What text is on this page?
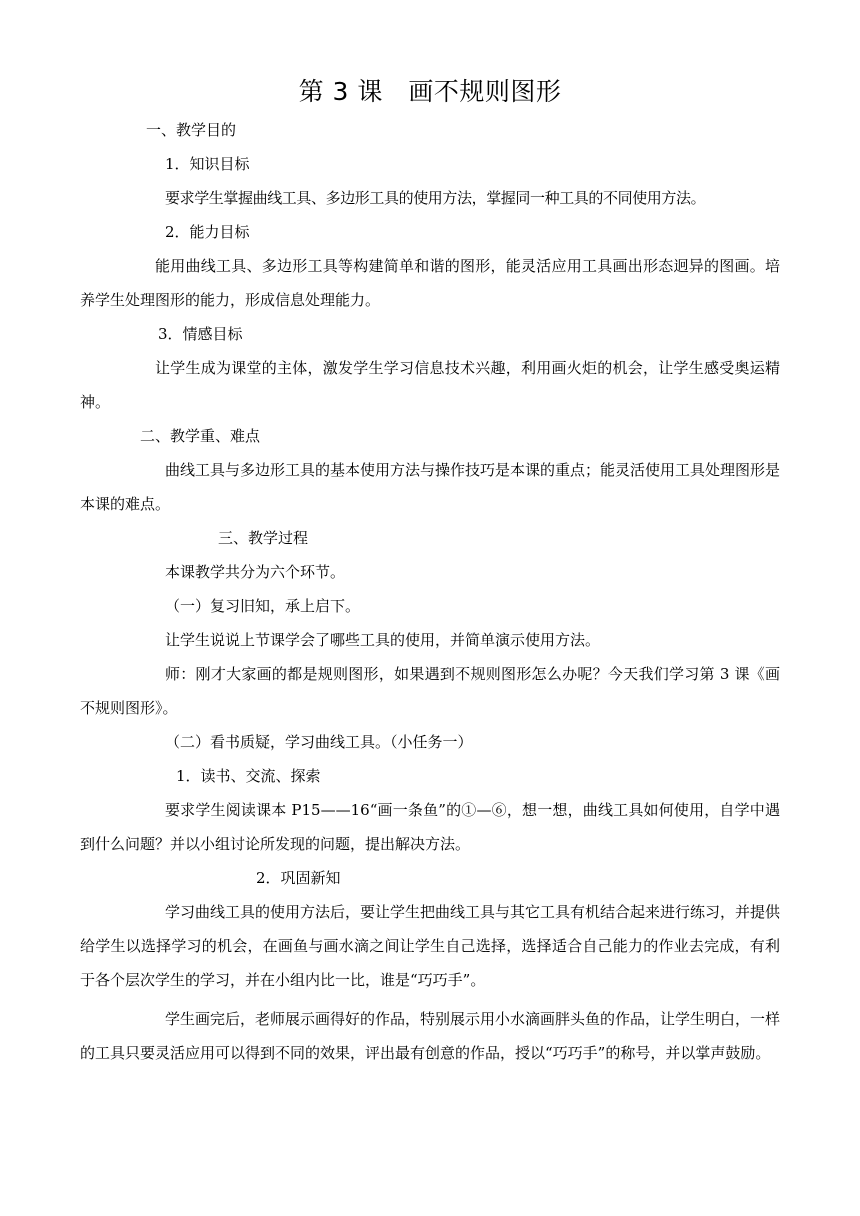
第 3 课　画不规则图形
一、教学目的
1．知识目标
要求学生掌握曲线工具、多边形工具的使用方法，掌握同一种工具的不同使用方法。
2．能力目标
能用曲线工具、多边形工具等构建简单和谐的图形，能灵活应用工具画出形态迥异的图画。培养学生处理图形的能力，形成信息处理能力。
3．情感目标
让学生成为课堂的主体，激发学生学习信息技术兴趣，利用画火炬的机会，让学生感受奥运精神。
二、教学重、难点
曲线工具与多边形工具的基本使用方法与操作技巧是本课的重点；能灵活使用工具处理图形是本课的难点。
三、教学过程
本课教学共分为六个环节。
（一）复习旧知，承上启下。
让学生说说上节课学会了哪些工具的使用，并简单演示使用方法。
师：刚才大家画的都是规则图形，如果遇到不规则图形怎么办呢？今天我们学习第 3 课《画不规则图形》。
（二）看书质疑，学习曲线工具。（小任务一）
1．读书、交流、探索
要求学生阅读课本 P15——16“画一条鱼”的①—⑥，想一想，曲线工具如何使用，自学中遇到什么问题？并以小组讨论所发现的问题，提出解决方法。
2．巩固新知
学习曲线工具的使用方法后，要让学生把曲线工具与其它工具有机结合起来进行练习，并提供给学生以选择学习的机会，在画鱼与画水滴之间让学生自己选择，选择适合自己能力的作业去完成，有利于各个层次学生的学习，并在小组内比一比，谁是“巧巧手”。
学生画完后，老师展示画得好的作品，特别展示用小水滴画胖头鱼的作品，让学生明白，一样的工具只要灵活应用可以得到不同的效果，评出最有创意的作品，授以“巧巧手”的称号，并以掌声鼓励。
